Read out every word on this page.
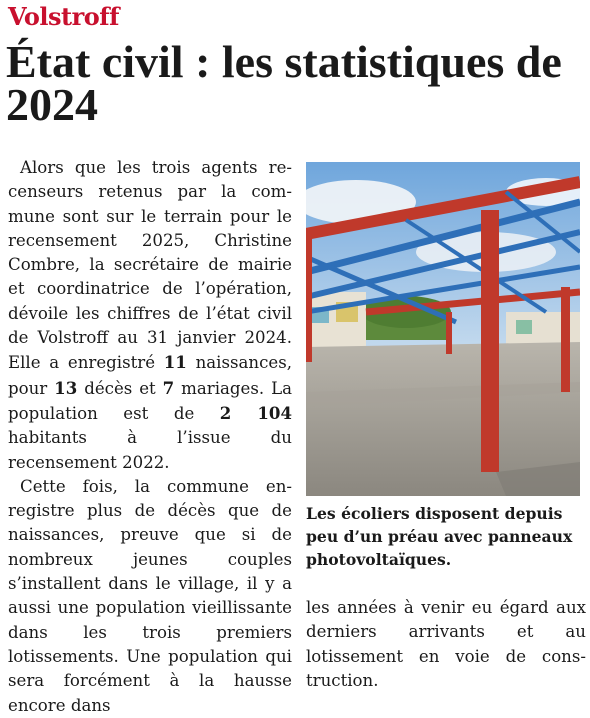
Volstroff
État civil : les statistiques de 2024

Alors que les trois agents recenseurs retenus par la commune sont sur le terrain pour le recensement 2025, Christine Combre, la secrétaire de mairie et coordinatrice de l’opération, dévoile les chiffres de l’état civil de Volstroff au 31 janvier 2024. Elle a enregistré 11 naissances, pour 13 décès et 7 mariages. La population est de 2 104 habitants à l’issue du recensement 2022.

Cette fois, la commune enregistre plus de décès que de naissances, preuve que si de nombreux jeunes couples s’installent dans le village, il y a aussi une population vieillissante dans les trois premiers lotissements. Une population qui sera forcément à la hausse encore dans

Les écoliers disposent depuis peu d’un préau avec panneaux photovoltaïques.

les années à venir eu égard aux derniers arrivants et au lotissement en voie de construction.
